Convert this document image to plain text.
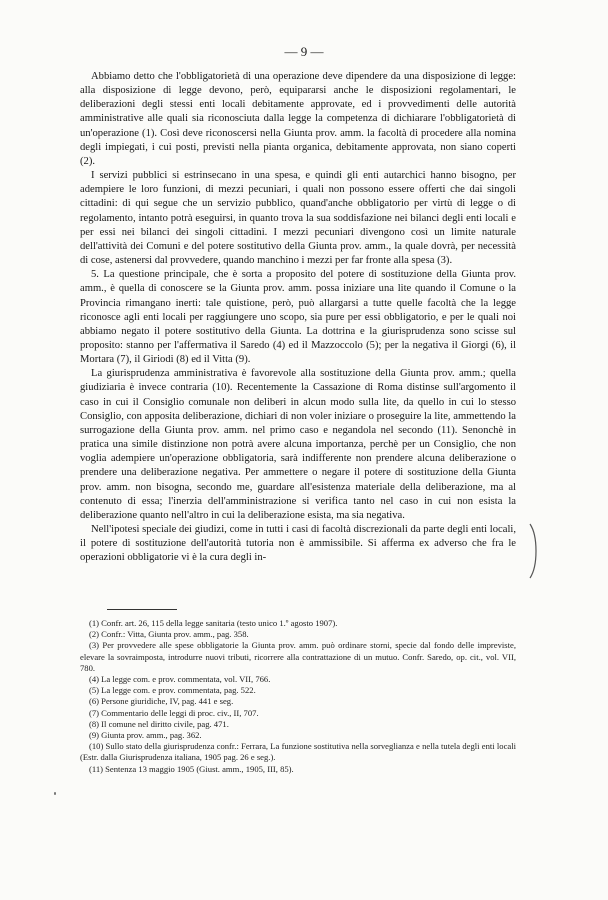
— 9 —

Abbiamo detto che l'obbligatorietà di una operazione deve dipendere da una disposizione di legge: alla disposizione di legge devono, però, equipararsi anche le disposizioni regolamentari, le deliberazioni degli stessi enti locali debitamente approvate, ed i provvedimenti delle autorità amministrative alle quali sia riconosciuta dalla legge la competenza di dichiarare l'obbligatorietà di un'operazione (1). Così deve riconoscersi nella Giunta prov. amm. la facoltà di procedere alla nomina degli impiegati, i cui posti, previsti nella pianta organica, debitamente approvata, non siano coperti (2).

I servizi pubblici si estrinsecano in una spesa, e quindi gli enti autarchici hanno bisogno, per adempiere le loro funzioni, di mezzi pecuniari, i quali non possono essere offerti che dai singoli cittadini: di qui segue che un servizio pubblico, quand'anche obbligatorio per virtù di legge o di regolamento, intanto potrà eseguirsi, in quanto trova la sua soddisfazione nei bilanci degli enti locali e per essi nei bilanci dei singoli cittadini. I mezzi pecuniari divengono così un limite naturale dell'attività dei Comuni e del potere sostitutivo della Giunta prov. amm., la quale dovrà, per necessità di cose, astenersi dal provvedere, quando manchino i mezzi per far fronte alla spesa (3).

5. La questione principale, che è sorta a proposito del potere di sostituzione della Giunta prov. amm., è quella di conoscere se la Giunta prov. amm. possa iniziare una lite quando il Comune o la Provincia rimangano inerti: tale quistione, però, può allargarsi a tutte quelle facoltà che la legge riconosce agli enti locali per raggiungere uno scopo, sia pure per essi obbligatorio, e per le quali noi abbiamo negato il potere sostitutivo della Giunta. La dottrina e la giurisprudenza sono scisse sul proposito: stanno per l'affermativa il Saredo (4) ed il Mazzoccolo (5); per la negativa il Giorgi (6), il Mortara (7), il Giriodi (8) ed il Vitta (9).

La giurisprudenza amministrativa è favorevole alla sostituzione della Giunta prov. amm.; quella giudiziaria è invece contraria (10). Recentemente la Cassazione di Roma distinse sull'argomento il caso in cui il Consiglio comunale non deliberi in alcun modo sulla lite, da quello in cui lo stesso Consiglio, con apposita deliberazione, dichiari di non voler iniziare o proseguire la lite, ammettendo la surrogazione della Giunta prov. amm. nel primo caso e negandola nel secondo (11). Senonchè in pratica una simile distinzione non potrà avere alcuna importanza, perchè per un Consiglio, che non voglia adempiere un'operazione obbligatoria, sarà indifferente non prendere alcuna deliberazione o prendere una deliberazione negativa. Per ammettere o negare il potere di sostituzione della Giunta prov. amm. non bisogna, secondo me, guardare all'esistenza materiale della deliberazione, ma al contenuto di essa; l'inerzia dell'amministrazione si verifica tanto nel caso in cui non esista la deliberazione quanto nell'altro in cui la deliberazione esista, ma sia negativa.

Nell'ipotesi speciale dei giudizi, come in tutti i casi di facoltà discrezionali da parte degli enti locali, il potere di sostituzione dell'autorità tutoria non è ammissibile. Si afferma ex adverso che fra le operazioni obbligatorie vi è la cura degli in-

(1) Confr. art. 26, 115 della legge sanitaria (testo unico 1.º agosto 1907).

(2) Confr.: Vitta, Giunta prov. amm., pag. 358.

(3) Per provvedere alle spese obbligatorie la Giunta prov. amm. può ordinare storni, specie dal fondo delle impreviste, elevare la sovraimposta, introdurre nuovi tributi, ricorrere alla contrattazione di un mutuo. Confr. Saredo, op. cit., vol. VII, 780.

(4) La legge com. e prov. commentata, vol. VII, 766.

(5) La legge com. e prov. commentata, pag. 522.

(6) Persone giuridiche, IV, pag. 441 e seg.

(7) Commentario delle leggi di proc. civ., II, 707.

(8) Il comune nel diritto civile, pag. 471.

(9) Giunta prov. amm., pag. 362.

(10) Sullo stato della giurisprudenza confr.: Ferrara, La funzione sostitutiva nella sorveglianza e nella tutela degli enti locali (Estr. dalla Giurisprudenza italiana, 1905 pag. 26 e seg.).

(11) Sentenza 13 maggio 1905 (Giust. amm., 1905, III, 85).
